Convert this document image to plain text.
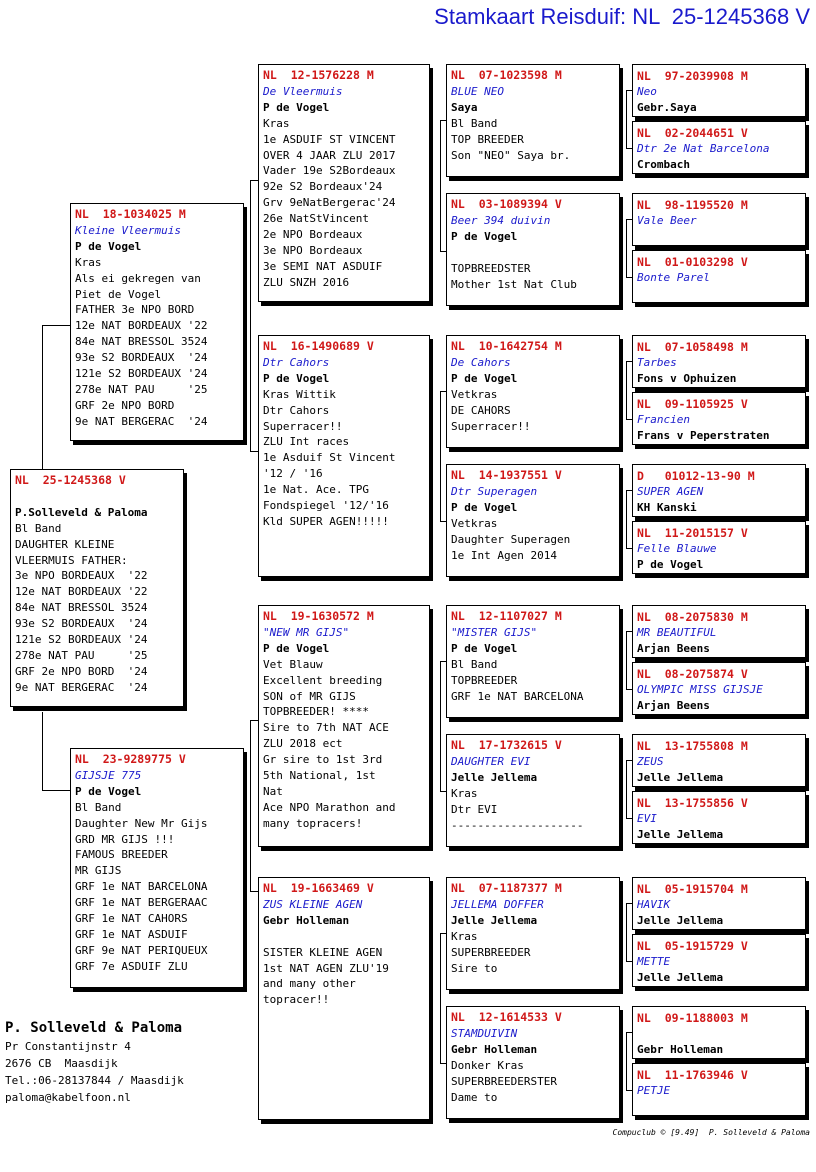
Stamkaart Reisduif: NL  25-1245368 V
NL  25-1245368 V

P.Solleveld & Paloma
Bl Band
DAUGHTER KLEINE
VLEERMUIS FATHER:
3e NPO BORDEAUX  '22
12e NAT BORDEAUX '22
84e NAT BRESSOL 3524
93e S2 BORDEAUX  '24
121e S2 BORDEAUX '24
278e NAT PAU     '25
GRF 2e NPO BORD  '24
9e NAT BERGERAC  '24
NL  18-1034025 M
Kleine Vleermuis
P de Vogel
Kras
Als ei gekregen van
Piet de Vogel
FATHER 3e NPO BORD
12e NAT BORDEAUX '22
84e NAT BRESSOL 3524
93e S2 BORDEAUX  '24
121e S2 BORDEAUX '24
278e NAT PAU     '25
GRF 2e NPO BORD
9e NAT BERGERAC  '24
NL  23-9289775 V
GIJSJE 775
P de Vogel
Bl Band
Daughter New Mr Gijs
GRD MR GIJS !!!
FAMOUS BREEDER
MR GIJS
GRF 1e NAT BARCELONA
GRF 1e NAT BERGERAAC
GRF 1e NAT CAHORS
GRF 1e NAT ASDUIF
GRF 9e NAT PERIQUEUX
GRF 7e ASDUIF ZLU
NL  12-1576228 M
De Vleermuis
P de Vogel
Kras
1e ASDUIF ST VINCENT
OVER 4 JAAR ZLU 2017
Vader 19e S2Bordeaux
92e S2 Bordeaux'24
Grv 9eNatBergerac'24
26e NatStVincent
2e NPO Bordeaux
3e NPO Bordeaux
3e SEMI NAT ASDUIF
ZLU SNZH 2016
NL  16-1490689 V
Dtr Cahors
P de Vogel
Kras Wittik
Dtr Cahors
Superracer!!
ZLU Int races
1e Asduif St Vincent
'12 / '16
1e Nat. Ace. TPG
Fondspiegel '12/'16
Kld SUPER AGEN!!!!!
NL  19-1630572 M
"NEW MR GIJS"
P de Vogel
Vet Blauw
Excellent breeding
SON of MR GIJS
TOPBREEDER! ****
Sire to 7th NAT ACE
ZLU 2018 ect
Gr sire to 1st 3rd
5th National, 1st
Nat
Ace NPO Marathon and
many topracers!
NL  19-1663469 V
ZUS KLEINE AGEN
Gebr Holleman

SISTER KLEINE AGEN
1st NAT AGEN ZLU'19
and many other
topracer!!
NL  07-1023598 M
BLUE NEO
Saya
Bl Band
TOP BREEDER
Son "NEO" Saya br.
NL  03-1089394 V
Beer 394 duivin
P de Vogel

TOPBREEDSTER
Mother 1st Nat Club
NL  10-1642754 M
De Cahors
P de Vogel
Vetkras
DE CAHORS
Superracer!!
NL  14-1937551 V
Dtr Superagen
P de Vogel
Vetkras
Daughter Superagen
1e Int Agen 2014
NL  12-1107027 M
"MISTER GIJS"
P de Vogel
Bl Band
TOPBREEDER
GRF 1e NAT BARCELONA
NL  17-1732615 V
DAUGHTER EVI
Jelle Jellema
Kras
Dtr EVI
--------------------
NL  07-1187377 M
JELLEMA DOFFER
Jelle Jellema
Kras
SUPERBREEDER
Sire to
NL  12-1614533 V
STAMDUIVIN
Gebr Holleman
Donker Kras
SUPERBREEDERSTER
Dame to
NL  97-2039908 M
Neo
Gebr.Saya
NL  02-2044651 V
Dtr 2e Nat Barcelona
Crombach
NL  98-1195520 M
Vale Beer

NL  01-0103298 V
Bonte Parel

NL  07-1058498 M
Tarbes
Fons v Ophuizen
NL  09-1105925 V
Francien
Frans v Peperstraten
D   01012-13-90 M
SUPER AGEN
KH Kanski
NL  11-2015157 V
Felle Blauwe
P de Vogel
NL  08-2075830 M
MR BEAUTIFUL
Arjan Beens
NL  08-2075874 V
OLYMPIC MISS GIJSJE
Arjan Beens
NL  13-1755808 M
ZEUS
Jelle Jellema
NL  13-1755856 V
EVI
Jelle Jellema
NL  05-1915704 M
HAVIK
Jelle Jellema
NL  05-1915729 V
METTE
Jelle Jellema
NL  09-1188003 M

Gebr Holleman
NL  11-1763946 V
PETJE

P. Solleveld & Paloma
Pr Constantijnstr 4
2676 CB  Maasdijk
Tel.:06-28137844 / Maasdijk
paloma@kabelfoon.nl
Compuclub © [9.49]  P. Solleveld & Paloma
